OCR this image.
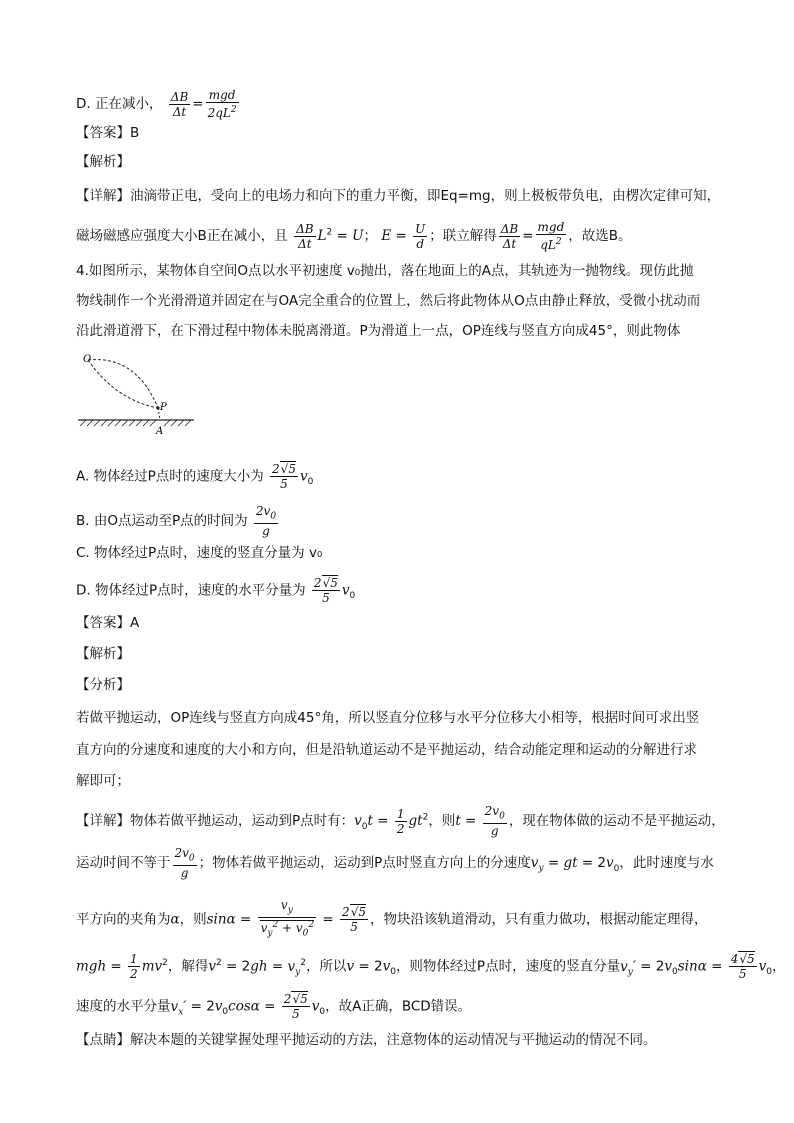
D. 正在减小， $\frac{\Delta B}{\Delta t} = \frac{\text{mgd}}{2qL^2}$
【答案】B
【解析】
【详解】油滴带正电，受向上的电场力和向下的重力平衡，即Eq=mg，则上极板带负电，由楞次定律可知，
磁场磁感应强度大小B正在减小，且 $\frac{\Delta B}{\Delta t} L^2 = U$； $E = \frac{U}{d}$ ；联立解得 $\frac{\Delta B}{\Delta t} = \frac{\text{mgd}}{qL^2}$ ，故选B。
4.如图所示，某物体自空间O点以水平初速度 v₀抛出，落在地面上的A点，其轨迹为一抛物线。现仿此抛
物线制作一个光滑滑道并固定在与OA完全重合的位置上，然后将此物体从O点由静止释放，受微小扰动而
沿此滑道滑下，在下滑过程中物体未脱离滑道。P为滑道上一点，OP连线与竖直方向成45°，则此物体
O
P
A
A. 物体经过P点时的速度大小为 $\frac{2√5}{5} v_0$
B. 由O点运动至P点的时间为 $\frac{2v_0}{g}$
C. 物体经过P点时，速度的竖直分量为 v₀
D. 物体经过P点时，速度的水平分量为 $\frac{2√5}{5} v_0$
【答案】A
【解析】
【分析】
若做平抛运动，OP连线与竖直方向成45°角，所以竖直分位移与水平分位移大小相等，根据时间可求出竖
直方向的分速度和速度的大小和方向，但是沿轨道运动不是平抛运动，结合动能定理和运动的分解进行求
解即可；
【详解】物体若做平抛运动，运动到P点时有：$v_0t = \frac{1}{2} gt^2$，则$t = \frac{2v_0}{g}$ ，现在物体做的运动不是平抛运动，
运动时间不等于 $\frac{2v_0}{g}$ ；物体若做平抛运动，运动到P点时竖直方向上的分速度$v_y$ = gt = $2v_0$，此时速度与水
平方向的夹角为α，则$\sin\alpha = \frac{v_y}{v_y^2 + v_0^2} = \frac{2√5}{5}$ ，物块沿该轨道滑动，只有重力做功，根据动能定理得，
mgh = $\frac{1}{2} mv^2$，解得$v^2 = 2gh = v_y^2$，所以$v = 2v_0$，则物体经过P点时，速度的竖直分量$v_y' = 2v_0\sin\alpha = \frac{4√5}{5} v_0$，
速度的水平分量$v_x' = 2v_0\cos\alpha = \frac{2√5}{5} v_0$，故A正确，BCD错误。
【点睛】解决本题的关键掌握处理平抛运动的方法，注意物体的运动情况与平抛运动的情况不同。
